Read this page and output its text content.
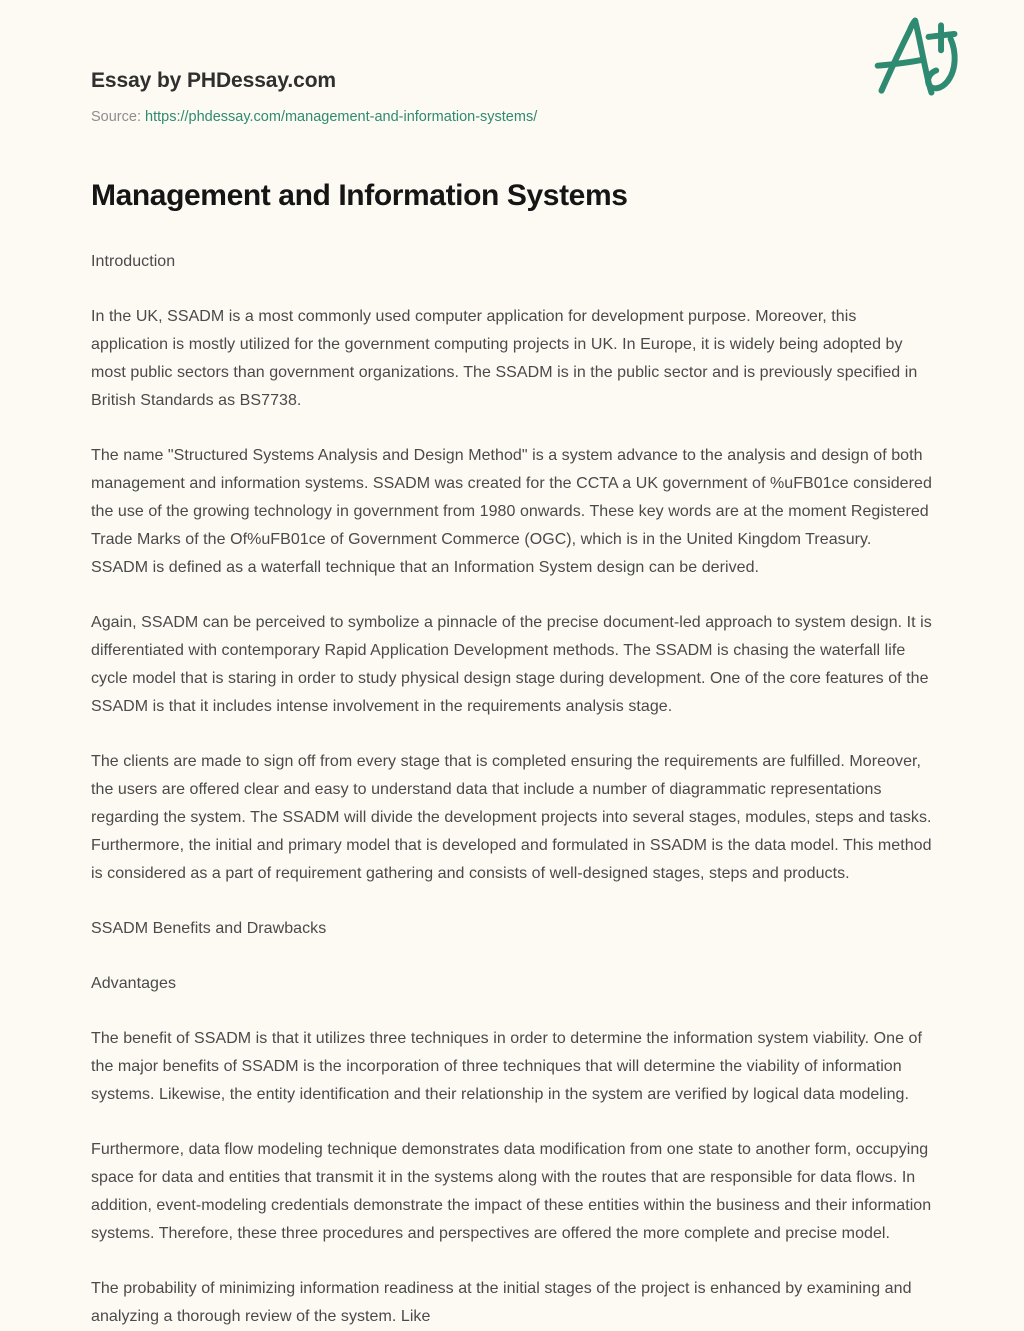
Essay by PHDessay.com
Source: https://phdessay.com/management-and-information-systems/
Management and Information Systems

Introduction

In the UK, SSADM is a most commonly used computer application for development purpose. Moreover, this application is mostly utilized for the government computing projects in UK. In Europe, it is widely being adopted by most public sectors than government organizations. The SSADM is in the public sector and is previously specified in British Standards as BS7738.

The name "Structured Systems Analysis and Design Method" is a system advance to the analysis and design of both management and information systems. SSADM was created for the CCTA a UK government of %uFB01ce considered the use of the growing technology in government from 1980 onwards. These key words are at the moment Registered Trade Marks of the Of%uFB01ce of Government Commerce (OGC), which is in the United Kingdom Treasury. SSADM is defined as a waterfall technique that an Information System design can be derived.

Again, SSADM can be perceived to symbolize a pinnacle of the precise document-led approach to system design. It is differentiated with contemporary Rapid Application Development methods. The SSADM is chasing the waterfall life cycle model that is staring in order to study physical design stage during development. One of the core features of the SSADM is that it includes intense involvement in the requirements analysis stage.

The clients are made to sign off from every stage that is completed ensuring the requirements are fulfilled. Moreover, the users are offered clear and easy to understand data that include a number of diagrammatic representations regarding the system. The SSADM will divide the development projects into several stages, modules, steps and tasks. Furthermore, the initial and primary model that is developed and formulated in SSADM is the data model. This method is considered as a part of requirement gathering and consists of well-designed stages, steps and products.

SSADM Benefits and Drawbacks

Advantages

The benefit of SSADM is that it utilizes three techniques in order to determine the information system viability. One of the major benefits of SSADM is the incorporation of three techniques that will determine the viability of information systems. Likewise, the entity identification and their relationship in the system are verified by logical data modeling.

Furthermore, data flow modeling technique demonstrates data modification from one state to another form, occupying space for data and entities that transmit it in the systems along with the routes that are responsible for data flows. In addition, event-modeling credentials demonstrate the impact of these entities within the business and their information systems. Therefore, these three procedures and perspectives are offered the more complete and precise model.

The probability of minimizing information readiness at the initial stages of the project is enhanced by examining and analyzing a thorough review of the system. Like
